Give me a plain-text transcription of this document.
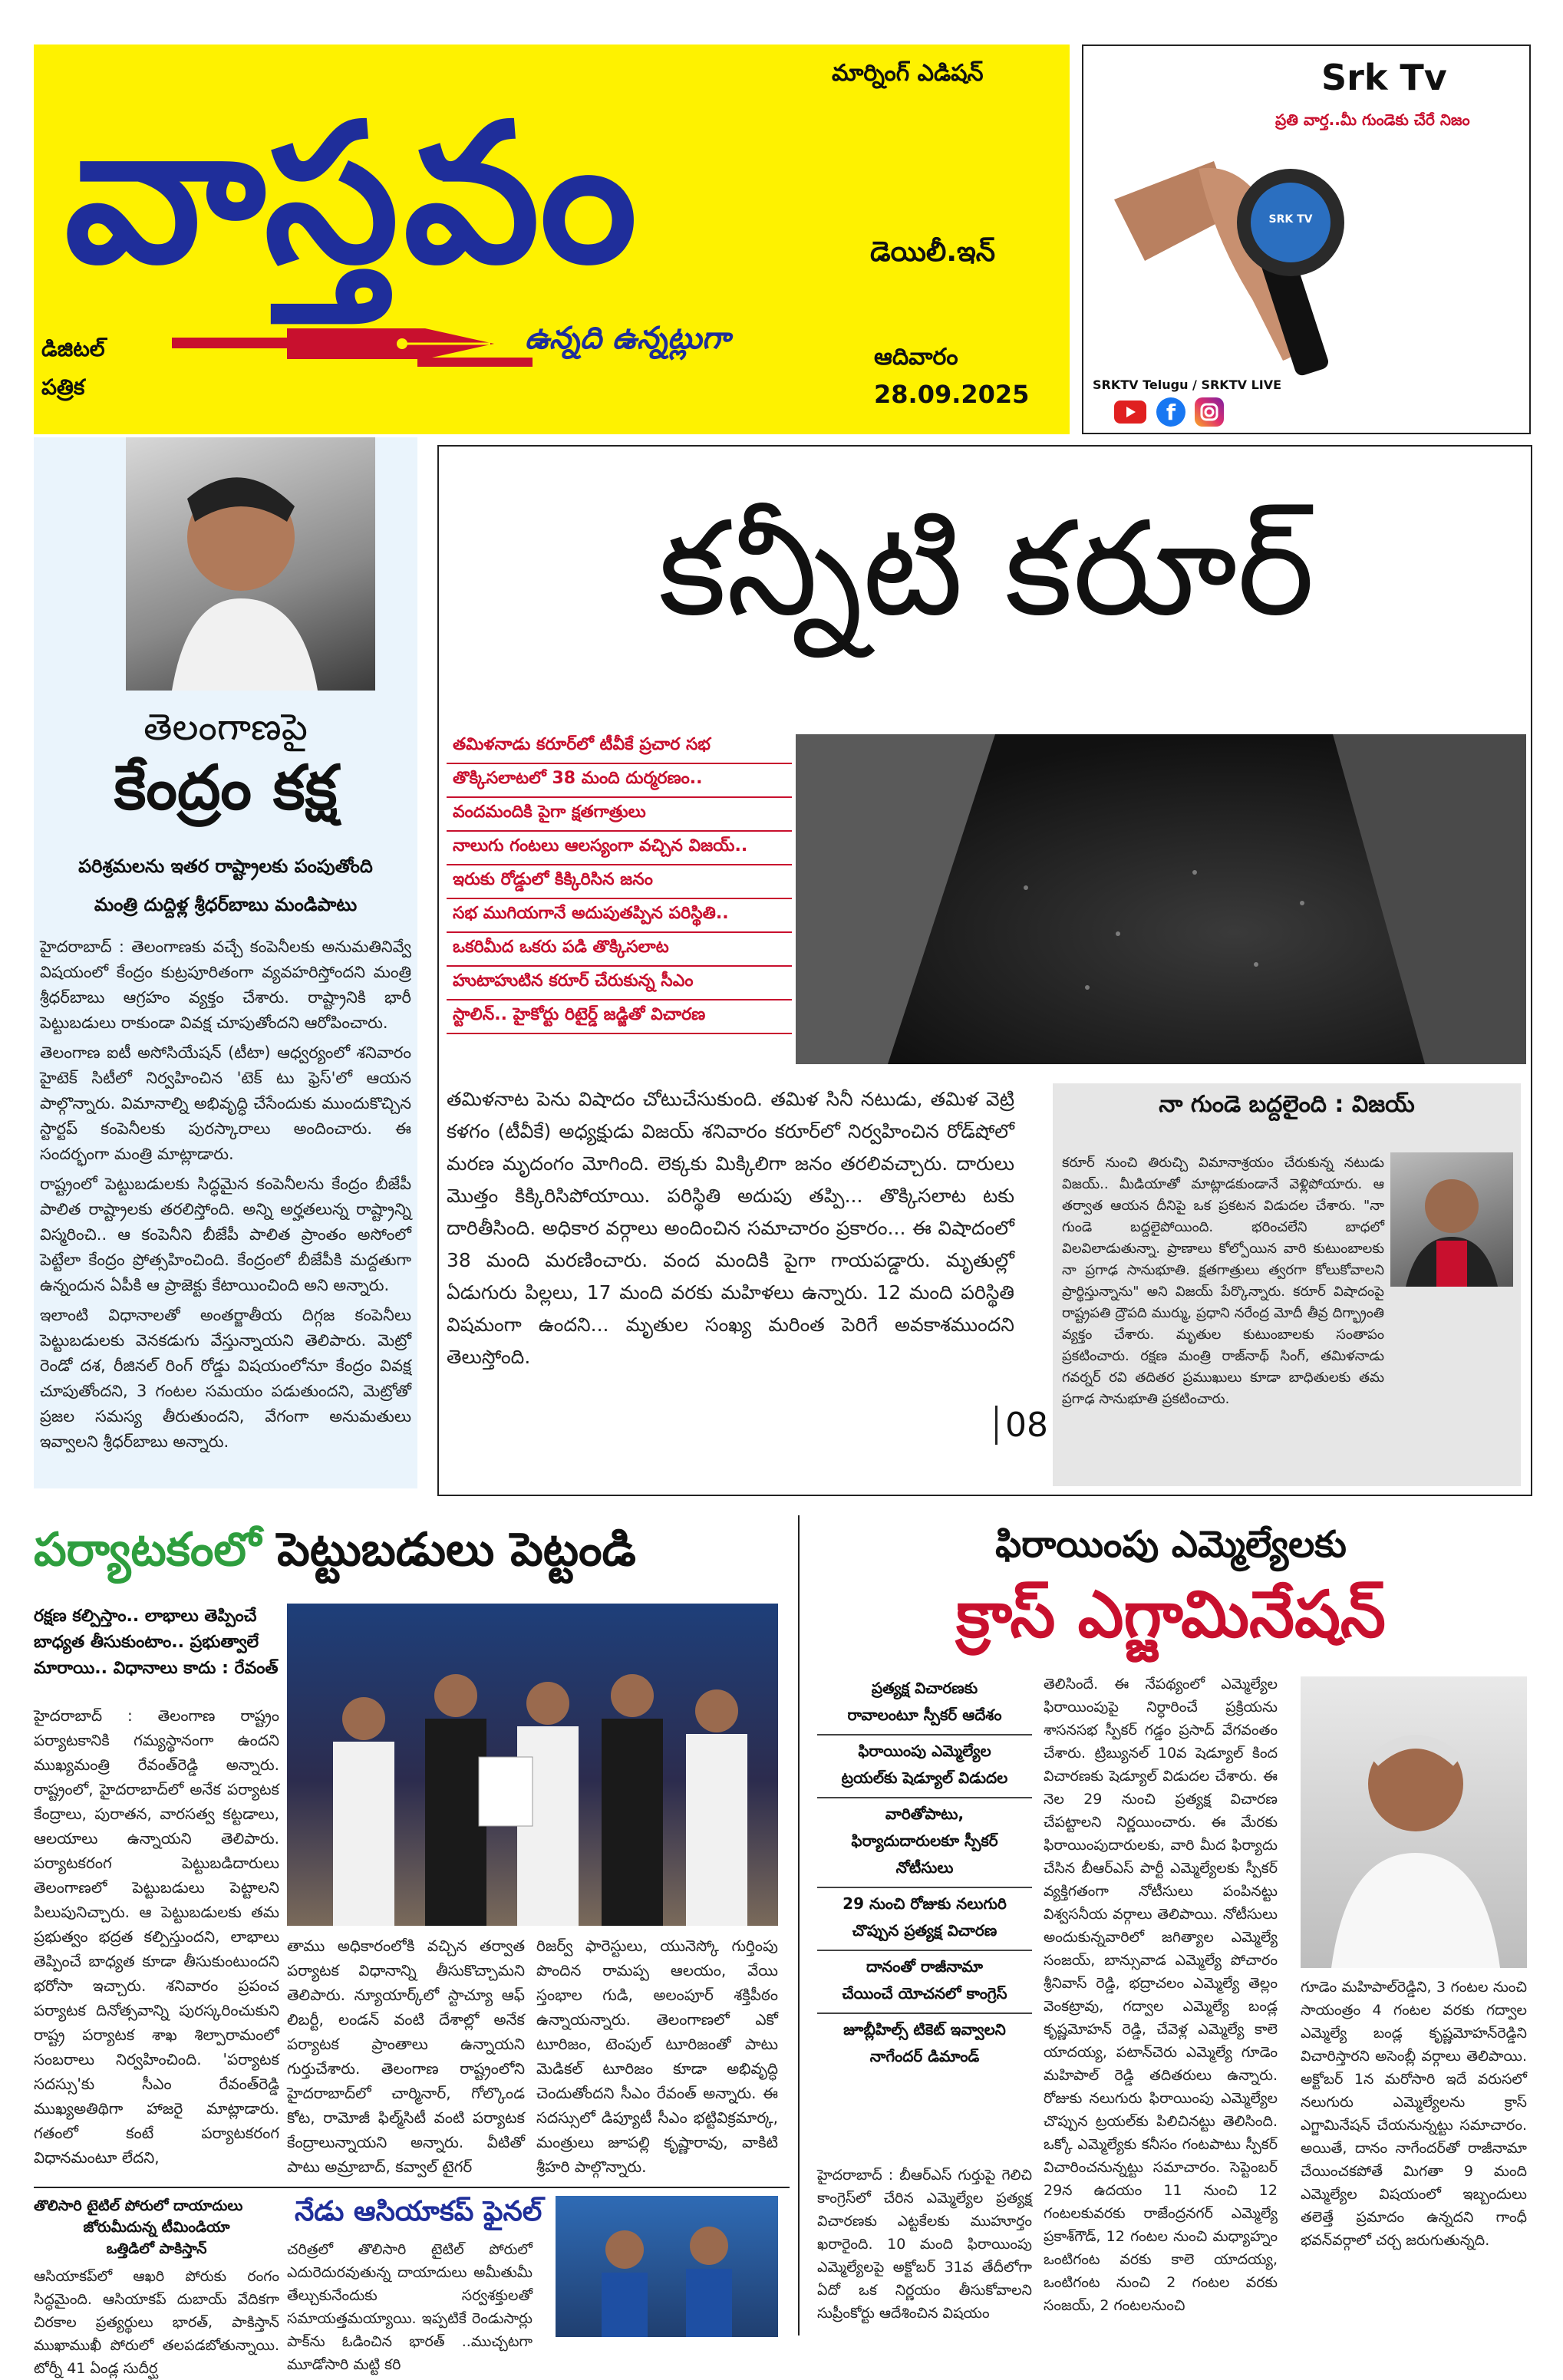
మార్నింగ్ ఎడిషన్
వాస్తవం	డెయిలీ.ఇన్
డిజిటల్
పత్రిక
ఉన్నది ఉన్నట్లుగా
ఆదివారం
28.09.2025
Srk Tv
ప్రతి వార్త..మీ గుండెకు చేరే నిజం
SRK TV
SRKTV Telugu / SRKTV LIVE
f
తెలంగాణపై
కేంద్రం కక్ష
పరిశ్రమలను ఇతర రాష్ట్రాలకు పంపుతోంది
మంత్రి దుద్దిళ్ల శ్రీధర్‌బాబు మండిపాటు

హైదరాబాద్‌ : తెలంగాణకు వచ్చే కంపెనీలకు అనుమతినివ్వే విషయంలో కేంద్రం కుట్రపూరితంగా వ్యవహరిస్తోందని మంత్రి శ్రీధర్‌బాబు ఆగ్రహం వ్యక్తం చేశారు. రాష్ట్రానికి భారీ పెట్టుబడులు రాకుండా వివక్ష చూపుతోందని ఆరోపించారు.

తెలంగాణ ఐటీ అసోసియేషన్‌ (టీటా) ఆధ్వర్యంలో శనివారం హైటెక్‌ సిటీలో నిర్వహించిన 'టెక్‌ టు ఫ్రెస్‌'లో ఆయన పాల్గొన్నారు. విమానాల్ని అభివృద్ధి చేసేందుకు ముందుకొచ్చిన స్టార్టప్‌ కంపెనీలకు పురస్కారాలు అందించారు. ఈ సందర్భంగా మంత్రి మాట్లాడారు.

రాష్ట్రంలో పెట్టుబడులకు సిద్ధమైన కంపెనీలను కేంద్రం బీజేపీ పాలిత రాష్ట్రాలకు తరలిస్తోంది. అన్ని అర్హతలున్న రాష్ట్రాన్ని విస్మరించి.. ఆ కంపెనీని బీజేపీ పాలిత ప్రాంతం అసోంలో పెట్టేలా కేంద్రం ప్రోత్సహించింది. కేంద్రంలో బీజేపీకి మద్దతుగా ఉన్నందున ఏపీకి ఆ ప్రాజెక్టు కేటాయించింది అని అన్నారు.

ఇలాంటి విధానాలతో అంతర్జాతీయ దిగ్గజ కంపెనీలు పెట్టుబడులకు వెనకడుగు వేస్తున్నాయని తెలిపారు. మెట్రో రెండో దశ, రీజినల్‌ రింగ్‌ రోడ్డు విషయంలోనూ కేంద్రం వివక్ష చూపుతోందని, 3 గంటల సమయం పడుతుందని, మెట్రోతో ప్రజల సమస్య తీరుతుందని, వేగంగా అనుమతులు ఇవ్వాలని శ్రీధర్‌బాబు అన్నారు.

కన్నీటి కరూర్‌
తమిళనాడు కరూర్‌లో టీవీకే ప్రచార సభ
తొక్కిసలాటలో 38 మంది దుర్మరణం..
వందమందికి పైగా క్షతగాత్రులు
నాలుగు గంటలు ఆలస్యంగా వచ్చిన విజయ్‌..
ఇరుకు రోడ్డులో కిక్కిరిసిన జనం
సభ ముగియగానే అదుపుతప్పిన పరిస్థితి..
ఒకరిమీద ఒకరు పడి తొక్కిసలాట
హుటాహుటిన కరూర్‌ చేరుకున్న సీఎం
స్టాలిన్‌.. హైకోర్టు రిటైర్డ్‌ జడ్జితో విచారణ
తమిళనాట పెను విషాదం చోటుచేసుకుంది. తమిళ సినీ నటుడు, తమిళ వెట్రి కళగం (టీవీకే) అధ్యక్షుడు విజయ్‌ శనివారం కరూర్‌లో నిర్వహించిన రోడ్‌షోలో మరణ మృదంగం మోగింది. లెక్కకు మిక్కిలిగా జనం తరలివచ్చారు. దారులు మొత్తం కిక్కిరిసిపోయాయి. పరిస్థితి అదుపు తప్పి... తొక్కిసలాట టకు దారితీసింది. అధికార వర్గాలు అందించిన సమాచారం ప్రకారం... ఈ విషాదంలో 38 మంది మరణించారు. వంద మందికి పైగా గాయపడ్డారు. మృతుల్లో ఏడుగురు పిల్లలు, 17 మంది వరకు మహిళలు ఉన్నారు. 12 మంది పరిస్థితి విషమంగా ఉందని... మృతుల సంఖ్య మరింత పెరిగే అవకాశముందని తెలుస్తోంది.
08
నా గుండె బద్దలైంది : విజయ్‌
కరూర్‌ నుంచి తిరుచ్చి విమానాశ్రయం చేరుకున్న నటుడు విజయ్‌.. మీడియాతో మాట్లాడకుండానే వెళ్లిపోయారు. ఆ తర్వాత ఆయన దీనిపై ఒక ప్రకటన విడుదల చేశారు. "నా గుండె బద్దలైపోయింది. భరించలేని బాధలో విలవిలాడుతున్నా. ప్రాణాలు కోల్పోయిన వారి కుటుంబాలకు నా ప్రగాఢ సానుభూతి. క్షతగాత్రులు త్వరగా కోలుకోవాలని ప్రార్థిస్తున్నాను" అని విజయ్‌ పేర్కొన్నారు. కరూర్‌ విషాదంపై రాష్ట్రపతి ద్రౌపది ముర్ము, ప్రధాని నరేంద్ర మోదీ తీవ్ర దిగ్భ్రాంతి వ్యక్తం చేశారు. మృతుల కుటుంబాలకు సంతాపం ప్రకటించారు. రక్షణ మంత్రి రాజ్‌నాథ్‌ సింగ్‌, తమిళనాడు గవర్నర్‌ రవి తదితర ప్రముఖులు కూడా బాధితులకు తమ ప్రగాఢ సానుభూతి ప్రకటించారు.
పర్యాటకంలో పెట్టుబడులు పెట్టండి
రక్షణ కల్పిస్తాం.. లాభాలు తెప్పించే బాధ్యత తీసుకుంటాం.. ప్రభుత్వాలే మారాయి.. విధానాలు కాదు : రేవంత్‌
హైదరాబాద్‌ : తెలంగాణ రాష్ట్రం పర్యాటకానికి గమ్యస్థానంగా ఉందని ముఖ్యమంత్రి రేవంత్‌రెడ్డి అన్నారు. రాష్ట్రంలో, హైదరాబాద్‌లో అనేక పర్యాటక కేంద్రాలు, పురాతన, వారసత్వ కట్టడాలు, ఆలయాలు ఉన్నాయని తెలిపారు. పర్యాటకరంగ పెట్టుబడిదారులు తెలంగాణలో పెట్టుబడులు పెట్టాలని పిలుపునిచ్చారు. ఆ పెట్టుబడులకు తమ ప్రభుత్వం భద్రత కల్పిస్తుందని, లాభాలు తెప్పించే బాధ్యత కూడా తీసుకుంటుందని భరోసా ఇచ్చారు. శనివారం ప్రపంచ పర్యాటక దినోత్సవాన్ని పురస్కరించుకుని రాష్ట్ర పర్యాటక శాఖ శిల్పారామంలో సంబరాలు నిర్వహించింది. 'పర్యాటక సదస్సు'కు సీఎం రేవంత్‌రెడ్డి ముఖ్యఅతిథిగా హాజరై మాట్లాడారు. గతంలో కంటే పర్యాటకరంగ విధానమంటూ లేదని,
తాము అధికారంలోకి వచ్చిన తర్వాత పర్యాటక విధానాన్ని తీసుకొచ్చామని తెలిపారు. న్యూయార్క్‌లో స్టాచ్యూ ఆఫ్‌ లిబర్టీ, లండన్‌ వంటి దేశాల్లో అనేక పర్యాటక ప్రాంతాలు ఉన్నాయని గుర్తుచేశారు. తెలంగాణ రాష్ట్రంలోని హైదరాబాద్‌లో చార్మినార్‌, గోల్కొండ కోట, రామోజీ ఫిల్మ్‌సిటీ వంటి పర్యాటక కేంద్రాలున్నాయని అన్నారు. వీటితో పాటు అమ్రాబాద్‌, కవ్వాల్‌ టైగర్‌
రిజర్వ్‌ ఫారెస్టులు, యునెస్కో గుర్తింపు పొందిన రామప్ప ఆలయం, వేయి స్తంభాల గుడి, అలంపూర్‌ శక్తిపీఠం ఉన్నాయన్నారు. తెలంగాణలో ఎకో టూరిజం, టెంపుల్‌ టూరిజంతో పాటు మెడికల్‌ టూరిజం కూడా అభివృద్ధి చెందుతోందని సీఎం రేవంత్‌ అన్నారు. ఈ సదస్సులో డిప్యూటీ సీఎం భట్టివిక్రమార్క, మంత్రులు జూపల్లి కృష్ణారావు, వాకిటి శ్రీహరి పాల్గొన్నారు.
తొలిసారి టైటిల్‌ పోరులో దాయాదులు
జోరుమీదున్న టీమిండియా
ఒత్తిడిలో పాకిస్తాన్‌
నేడు ఆసియాకప్‌ ఫైనల్‌
ఆసియాకప్‌లో ఆఖరి పోరుకు రంగం సిద్ధమైంది. ఆసియాకప్‌ దుబాయ్‌ వేదికగా చిరకాల ప్రత్యర్థులు భారత్‌, పాకిస్తాన్‌ ముఖాముఖీ పోరులో తలపడబోతున్నాయి. టోర్నీ 41 ఏండ్ల సుదీర్ఘ
చరిత్రలో తొలిసారి టైటిల్‌ పోరులో ఎదురెదురవుతున్న దాయాదులు అమీతుమీ తేల్చుకునేందుకు సర్వశక్తులతో సమాయత్తమయ్యాయి. ఇప్పటికే రెండుసార్లు పాక్‌ను ఓడించిన భారత్‌ ..ముచ్చటగా మూడోసారి మట్టి కరి
ఫిరాయింపు ఎమ్మెల్యేలకు
క్రాస్‌ ఎగ్జామినేషన్‌
ప్రత్యక్ష విచారణకు
రావాలంటూ స్పీకర్‌ ఆదేశం
ఫిరాయింపు ఎమ్మెల్యేల
ట్రయల్‌కు షెడ్యూల్‌ విడుదల
వారితోపాటు,
ఫిర్యాదుదారులకూ స్పీకర్‌
నోటీసులు
29 నుంచి రోజుకు నలుగురి
చొప్పున ప్రత్యక్ష విచారణ
దానంతో రాజీనామా
చేయించే యోచనలో కాంగ్రెస్‌
జూబ్లీహిల్స్‌ టికెట్‌ ఇవ్వాలని
నాగేందర్‌ డిమాండ్‌
హైదరాబాద్‌ : బీఆర్‌ఎస్‌ గుర్తుపై గెలిచి కాంగ్రెస్‌లో చేరిన ఎమ్మెల్యేల ప్రత్యక్ష విచారణకు ఎట్టకేలకు ముహూర్తం ఖరారైంది. 10 మంది ఫిరాయింపు ఎమ్మెల్యేలపై అక్టోబర్‌ 31వ తేదీలోగా ఏదో ఒక నిర్ణయం తీసుకోవాలని సుప్రీంకోర్టు ఆదేశించిన విషయం
తెలిసిందే. ఈ నేపథ్యంలో ఎమ్మెల్యేల ఫిరాయింపుపై నిర్ధారించే ప్రక్రియను శాసనసభ స్పీకర్‌ గడ్డం ప్రసాద్‌ వేగవంతం చేశారు. ట్రిబ్యునల్‌ 10వ షెడ్యూల్‌ కింద విచారణకు షెడ్యూల్‌ విడుదల చేశారు. ఈ నెల 29 నుంచి ప్రత్యక్ష విచారణ చేపట్టాలని నిర్ణయించారు. ఈ మేరకు ఫిరాయింపుదారులకు, వారి మీద ఫిర్యాదు చేసిన బీఆర్‌ఎస్‌ పార్టీ ఎమ్మెల్యేలకు స్పీకర్‌ వ్యక్తిగతంగా నోటీసులు పంపినట్టు విశ్వసనీయ వర్గాలు తెలిపాయి. నోటీసులు అందుకున్నవారిలో జగిత్యాల ఎమ్మెల్యే సంజయ్‌, బాన్సువాడ ఎమ్మెల్యే పోచారం శ్రీనివాస్‌ రెడ్డి, భద్రాచలం ఎమ్మెల్యే తెల్లం వెంకట్రావు, గద్వాల ఎమ్మెల్యే బండ్ల కృష్ణమోహన్‌ రెడ్డి, చేవెళ్ల ఎమ్మెల్యే కాలె యాదయ్య, పటాన్‌చెరు ఎమ్మెల్యే గూడెం మహిపాల్‌ రెడ్డి తదితరులు ఉన్నారు. రోజుకు నలుగురు ఫిరాయింపు ఎమ్మెల్యేల చొప్పున ట్రయల్‌కు పిలిచినట్టు తెలిసింది. ఒక్కో ఎమ్మెల్యేకు కనీసం గంటపాటు స్పీకర్‌ విచారించనున్నట్టు సమాచారం. సెప్టెంబర్‌ 29న ఉదయం 11 నుంచి 12 గంటలకువరకు రాజేంద్రనగర్‌ ఎమ్మెల్యే ప్రకాశ్‌గౌడ్‌, 12 గంటల నుంచి మధ్యాహ్నం ఒంటిగంట వరకు కాలె యాదయ్య, ఒంటిగంట నుంచి 2 గంటల వరకు సంజయ్‌, 2 గంటలనుంచి
గూడెం మహిపాల్‌రెడ్డిని, 3 గంటల నుంచి సాయంత్రం 4 గంటల వరకు గద్వాల ఎమ్మెల్యే బండ్ల కృష్ణమోహన్‌రెడ్డిని విచారిస్తారని అసెంబ్లీ వర్గాలు తెలిపాయి. అక్టోబర్‌ 1న మరోసారి ఇదే వరుసలో నలుగురు ఎమ్మెల్యేలను క్రాస్‌ ఎగ్జామినేషన్‌ చేయనున్నట్టు సమాచారం. అయితే, దానం నాగేందర్‌తో రాజీనామా చేయించకపోతే మిగతా 9 మంది ఎమ్మెల్యేల విషయంలో ఇబ్బందులు తలెత్తే ప్రమాదం ఉన్నదని గాంధీ భవన్‌వర్గాలో చర్చ జరుగుతున్నది.
